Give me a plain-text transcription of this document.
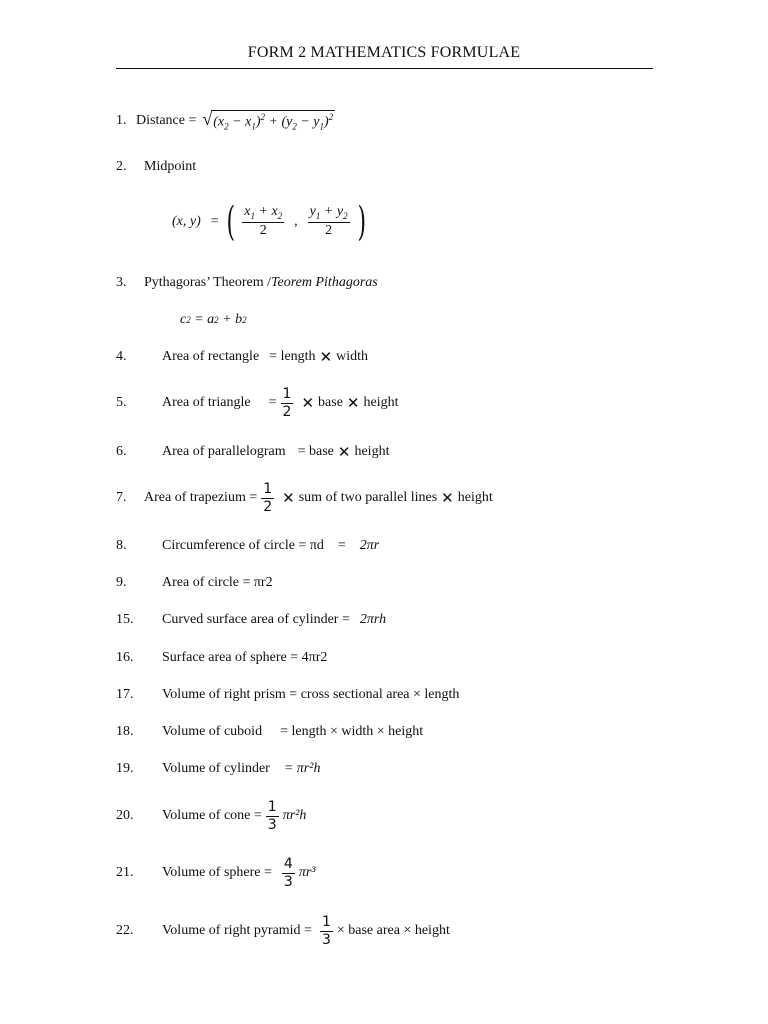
FORM 2 MATHEMATICS FORMULAE
1. Distance = √ $(x_2 - x_1)^2 + (y_2 - y_1)^2$
2.	Midpoint
(x, y) = ( $\frac{x_1 + x_2}{2}$ , $\frac{y_1 + y_2}{2}$ )
3.	Pythagoras’ Theorem / Teorem Pithagoras
c 2 = a 2 + b 2
4.	Area of rectangle = length ✕ width
5.	Area of triangle = $\frac{1}{2}$ ✕ base ✕ height
6.	Area of parallelogram = base ✕ height
7.	Area of trapezium = $\frac{1}{2}$ ✕ sum of two parallel lines ✕ height
8.	Circumference of circle = πd = 2πr
9.	Area of circle = πr2
15.	Curved surface area of cylinder = 2πrh
16.	Surface area of sphere = 4πr2
17.	Volume of right prism = cross sectional area × length
18.	Volume of cuboid = length × width × height
19.	Volume of cylinder = πr²h
20.	Volume of cone = $\frac{1}{3} \pi r^2h$
21.	Volume of sphere = $\frac{4}{3} \pi r^3$
22.	Volume of right pyramid = $\frac{1}{3}$ × base area × height
